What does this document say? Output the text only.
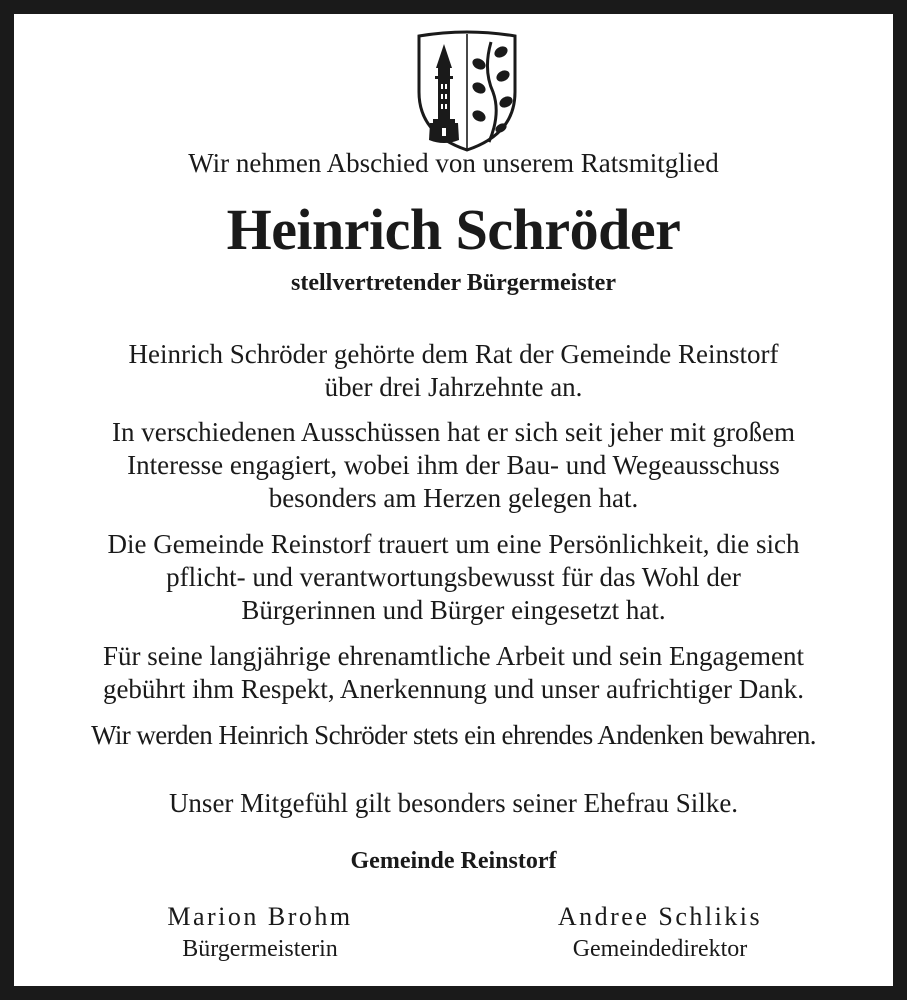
Wir nehmen Abschied von unserem Ratsmitglied
Heinrich Schröder
stellvertretender Bürgermeister
Heinrich Schröder gehörte dem Rat der Gemeinde Reinstorf
über drei Jahrzehnte an.
In verschiedenen Ausschüssen hat er sich seit jeher mit großem
Interesse engagiert, wobei ihm der Bau- und Wegeausschuss
besonders am Herzen gelegen hat.
Die Gemeinde Reinstorf trauert um eine Persönlichkeit, die sich
pflicht- und verantwortungsbewusst für das Wohl der
Bürgerinnen und Bürger eingesetzt hat.
Für seine langjährige ehrenamtliche Arbeit und sein Engagement
gebührt ihm Respekt, Anerkennung und unser aufrichtiger Dank.
Wir werden Heinrich Schröder stets ein ehrendes Andenken bewahren.
Unser Mitgefühl gilt besonders seiner Ehefrau Silke.
Gemeinde Reinstorf
Marion Brohm
Bürgermeisterin
Andree Schlikis
Gemeindedirektor
